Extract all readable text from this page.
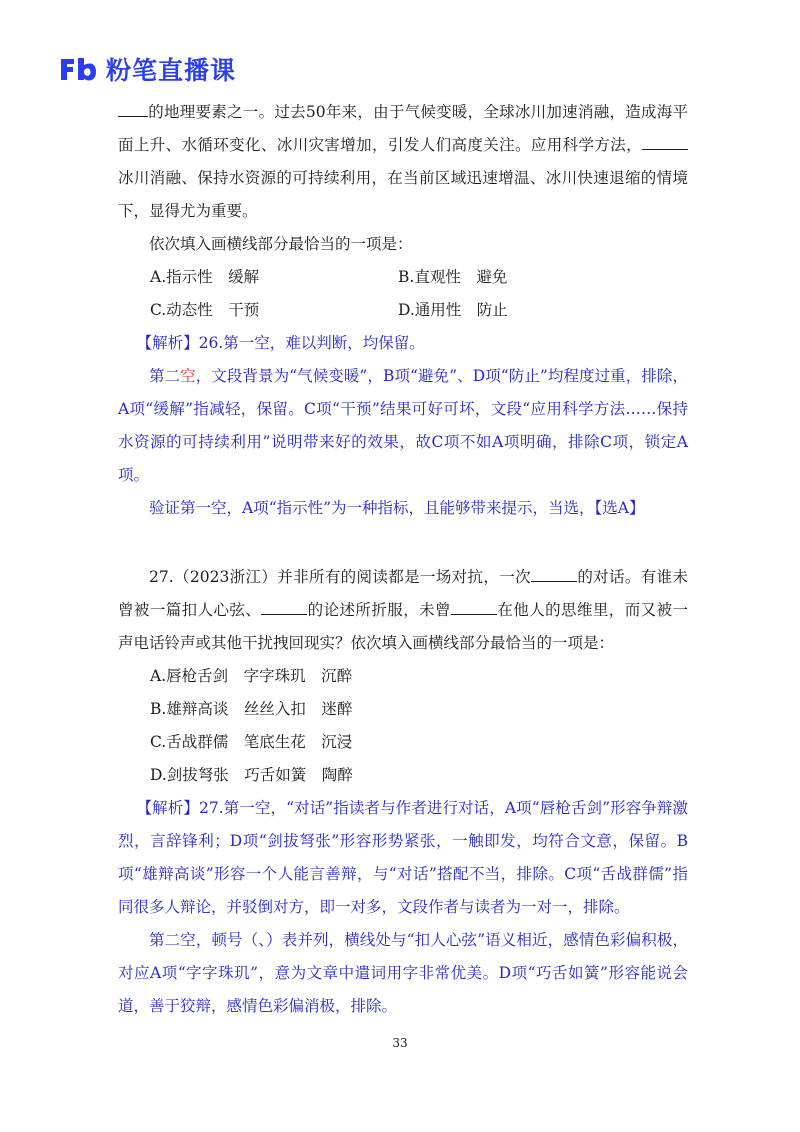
粉笔直播课

的地理要素之一。过去50年来，由于气候变暖，全球冰川加速消融，造成海平面上升、水循环变化、冰川灾害增加，引发人们高度关注。应用科学方法，冰川消融、保持水资源的可持续利用，在当前区域迅速增温、冰川快速退缩的情境下，显得尤为重要。

依次填入画横线部分最恰当的一项是：

A.指示性　缓解	B.直观性　避免
C.动态性　干预	D.通用性　防止

【解析】26.第一空，难以判断，均保留。

第二空，文段背景为“气候变暖”，B项“避免”、D项“防止”均程度过重，排除，A项“缓解”指减轻，保留。C项“干预”结果可好可坏，文段“应用科学方法……保持水资源的可持续利用”说明带来好的效果，故C项不如A项明确，排除C项，锁定A项。

验证第一空，A项“指示性”为一种指标，且能够带来提示，当选，【选A】

27.（2023浙江）并非所有的阅读都是一场对抗，一次	的对话。有谁未曾被一篇扣人心弦、	的论述所折服，未曾	在他人的思维里，而又被一声电话铃声或其他干扰拽回现实？依次填入画横线部分最恰当的一项是：

A.唇枪舌剑　字字珠玑　沉醉
B.雄辩高谈　丝丝入扣　迷醉
C.舌战群儒　笔底生花　沉浸
D.剑拔弩张　巧舌如簧　陶醉

【解析】27.第一空，“对话”指读者与作者进行对话，A项“唇枪舌剑”形容争辩激烈，言辞锋利；D项“剑拔弩张”形容形势紧张，一触即发，均符合文意，保留。B项“雄辩高谈”形容一个人能言善辩，与“对话”搭配不当，排除。C项“舌战群儒”指同很多人辩论，并驳倒对方，即一对多，文段作者与读者为一对一，排除。

第二空，顿号（、）表并列，横线处与“扣人心弦”语义相近，感情色彩偏积极，对应A项“字字珠玑”，意为文章中遣词用字非常优美。D项“巧舌如簧”形容能说会道，善于狡辩，感情色彩偏消极，排除。

33
